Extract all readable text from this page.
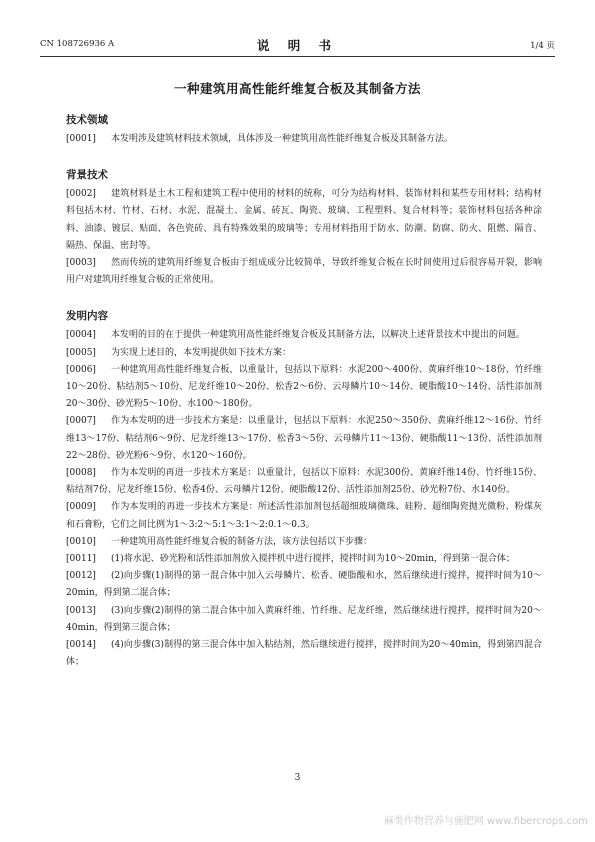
CN 108726936 A	说 明 书	1/4 页
一种建筑用高性能纤维复合板及其制备方法
技术领域

[0001] 本发明涉及建筑材料技术领域，具体涉及一种建筑用高性能纤维复合板及其制备方法。

背景技术

[0002] 建筑材料是土木工程和建筑工程中使用的材料的统称，可分为结构材料、装饰材料和某些专用材料；结构材料包括木材、竹材、石材、水泥、混凝土、金属、砖瓦、陶瓷、玻璃、工程塑料、复合材料等；装饰材料包括各种涂料、油漆、镀层、贴面、各色瓷砖、具有特殊效果的玻璃等；专用材料指用于防水、防潮、防腐、防火、阻燃、隔音、隔热、保温、密封等。

[0003] 然而传统的建筑用纤维复合板由于组成成分比较简单，导致纤维复合板在长时间使用过后很容易开裂，影响用户对建筑用纤维复合板的正常使用。

发明内容

[0004] 本发明的目的在于提供一种建筑用高性能纤维复合板及其制备方法，以解决上述背景技术中提出的问题。

[0005] 为实现上述目的，本发明提供如下技术方案：

[0006] 一种建筑用高性能纤维复合板，以重量计，包括以下原料：水泥200～400份、黄麻纤维10～18份、竹纤维10～20份、粘结剂5～10份、尼龙纤维10～20份、松香2～6份、云母鳞片10～14份、硬脂酸10～14份、活性添加剂20～30份、砂光粉5～10份、水100～180份。

[0007] 作为本发明的进一步技术方案是：以重量计，包括以下原料：水泥250～350份、黄麻纤维12～16份、竹纤维13～17份、粘结剂6～9份、尼龙纤维13～17份、松香3～5份、云母鳞片11～13份、硬脂酸11～13份、活性添加剂22～28份、砂光粉6～9份、水120～160份。

[0008] 作为本发明的再进一步技术方案是：以重量计，包括以下原料：水泥300份、黄麻纤维14份、竹纤维15份、粘结剂7份、尼龙纤维15份、松香4份、云母鳞片12份、硬脂酸12份、活性添加剂25份、砂光粉7份、水140份。

[0009] 作为本发明的再进一步技术方案是：所述活性添加剂包括超细玻璃微珠、硅粉、超细陶瓷抛光微粉、粉煤灰和石膏粉，它们之间比例为1～3:2～5:1～3:1～2:0.1～0.3。

[0010] 一种建筑用高性能纤维复合板的制备方法，该方法包括以下步骤：

[0011] (1)将水泥、砂光粉和活性添加剂放入搅拌机中进行搅拌，搅拌时间为10～20min，得到第一混合体；

[0012] (2)向步骤(1)制得的第一混合体中加入云母鳞片、松香、硬脂酸和水，然后继续进行搅拌，搅拌时间为10～20min，得到第二混合体；

[0013] (3)向步骤(2)制得的第二混合体中加入黄麻纤维、竹纤维、尼龙纤维，然后继续进行搅拌，搅拌时间为20～40min，得到第三混合体；

[0014] (4)向步骤(3)制得的第三混合体中加入粘结剂，然后继续进行搅拌，搅拌时间为20～40min，得到第四混合体；

3
麻类作物营养与施肥网 www.fibercrops.com
